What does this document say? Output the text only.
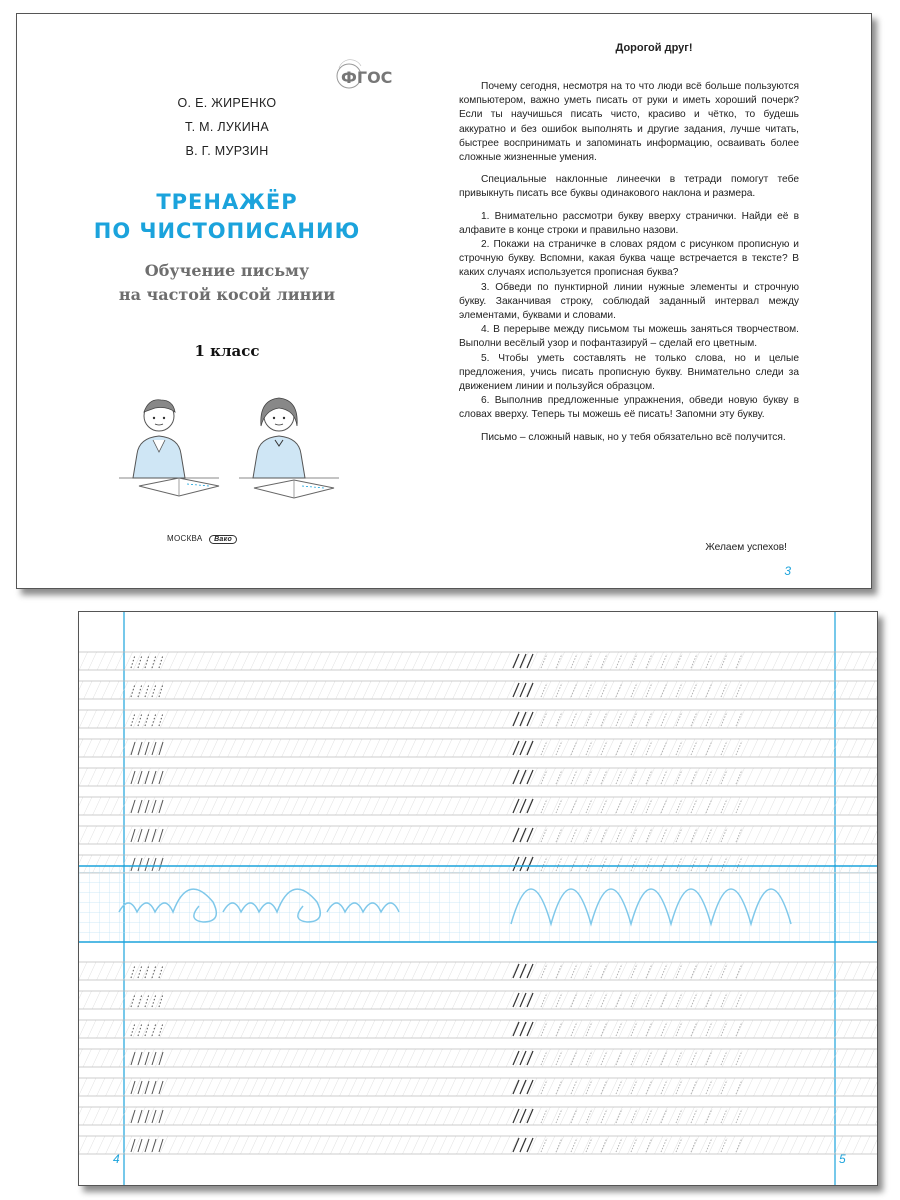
ФГОС
О. Е. ЖИРЕНКО
Т. М. ЛУКИНА
В. Г. МУРЗИН
ТРЕНАЖЁР
ПО ЧИСТОПИСАНИЮ
Обучение письму
на частой косой линии
1 класс
МОСКВА Вако
Дорогой друг!

Почему сегодня, несмотря на то что люди всё больше пользуются компьютером, важно уметь писать от руки и иметь хороший почерк? Если ты научишься писать чисто, красиво и чётко, то будешь аккуратно и без ошибок выполнять и другие задания, лучше читать, быстрее воспринимать и запоминать информацию, осваивать более сложные жизненные умения.

Специальные наклонные линеечки в тетради помогут тебе привыкнуть писать все буквы одинакового наклона и размера.

1. Внимательно рассмотри букву вверху странички. Найди её в алфавите в конце строки и правильно назови.
2. Покажи на страничке в словах рядом с рисунком прописную и строчную букву. Вспомни, какая буква чаще встречается в тексте? В каких случаях используется прописная буква?
3. Обведи по пунктирной линии нужные элементы и строчную букву. Заканчивая строку, соблюдай заданный интервал между элементами, буквами и словами.
4. В перерыве между письмом ты можешь заняться творчеством. Выполни весёлый узор и пофантазируй – сделай его цветным.
5. Чтобы уметь составлять не только слова, но и целые предложения, учись писать прописную букву. Внимательно следи за движением линии и пользуйся образцом.
6. Выполнив предложенные упражнения, обведи новую букву в словах вверху. Теперь ты можешь её писать! Запомни эту букву.

Письмо – сложный навык, но у тебя обязательно всё получится.

Желаем успехов!
3
4	5
